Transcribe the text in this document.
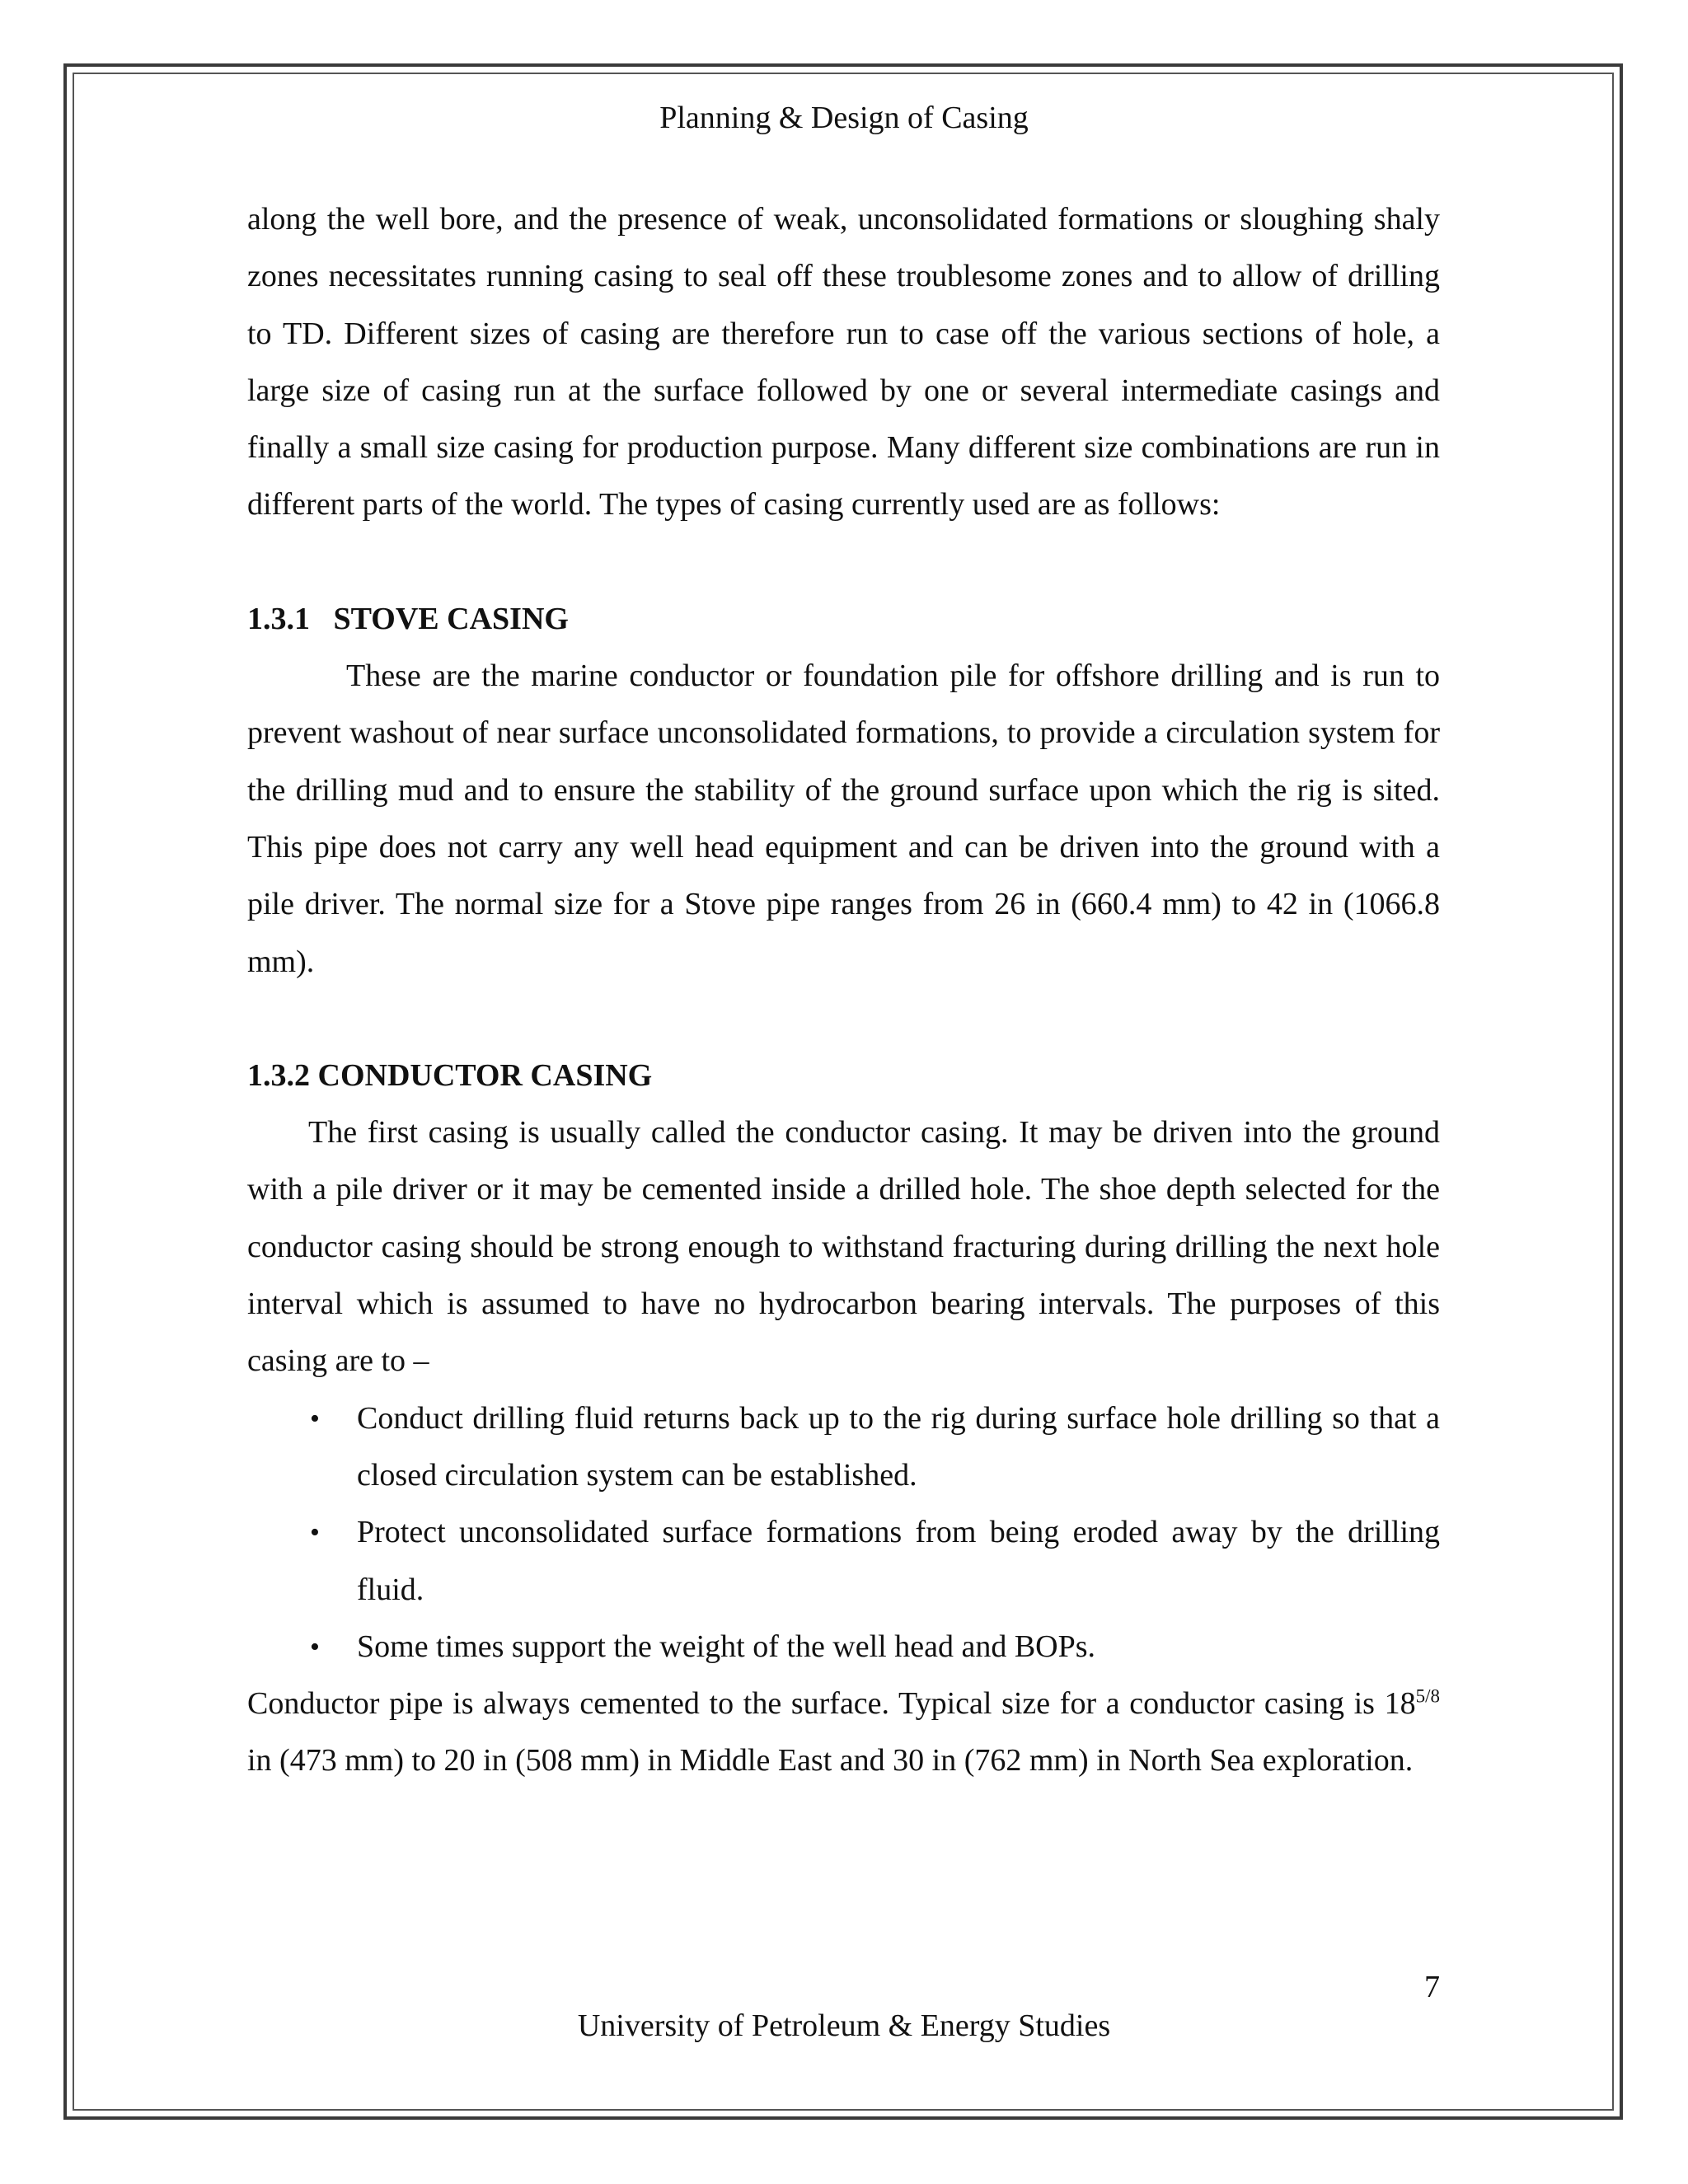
Planning & Design of Casing

along the well bore, and the presence of weak, unconsolidated formations or sloughing shaly zones necessitates running casing to seal off these troublesome zones and to allow of drilling to TD. Different sizes of casing are therefore run to case off the various sections of hole, a large size of casing run at the surface followed by one or several intermediate casings and finally a small size casing for production purpose. Many different size combinations are run in different parts of the world. The types of casing currently used are as follows:

1.3.1   STOVE CASING

These are the marine conductor or foundation pile for offshore drilling and is run to prevent washout of near surface unconsolidated formations, to provide a circulation system for the drilling mud and to ensure the stability of the ground surface upon which the rig is sited. This pipe does not carry any well head equipment and can be driven into the ground with a pile driver. The normal size for a Stove pipe ranges from 26 in (660.4 mm) to 42 in (1066.8 mm).

1.3.2 CONDUCTOR CASING

The first casing is usually called the conductor casing. It may be driven into the ground with a pile driver or it may be cemented inside a drilled hole. The shoe depth selected for the conductor casing should be strong enough to withstand fracturing during drilling the next hole interval which is assumed to have no hydrocarbon bearing intervals. The purposes of this casing are to –

• Conduct drilling fluid returns back up to the rig during surface hole drilling so that a closed circulation system can be established.
• Protect unconsolidated surface formations from being eroded away by the drilling fluid.
• Some times support the weight of the well head and BOPs.

Conductor pipe is always cemented to the surface. Typical size for a conductor casing is $18^{5/8}$ in (473 mm) to 20 in (508 mm) in Middle East and 30 in (762 mm) in North Sea exploration.

7
University of Petroleum & Energy Studies
